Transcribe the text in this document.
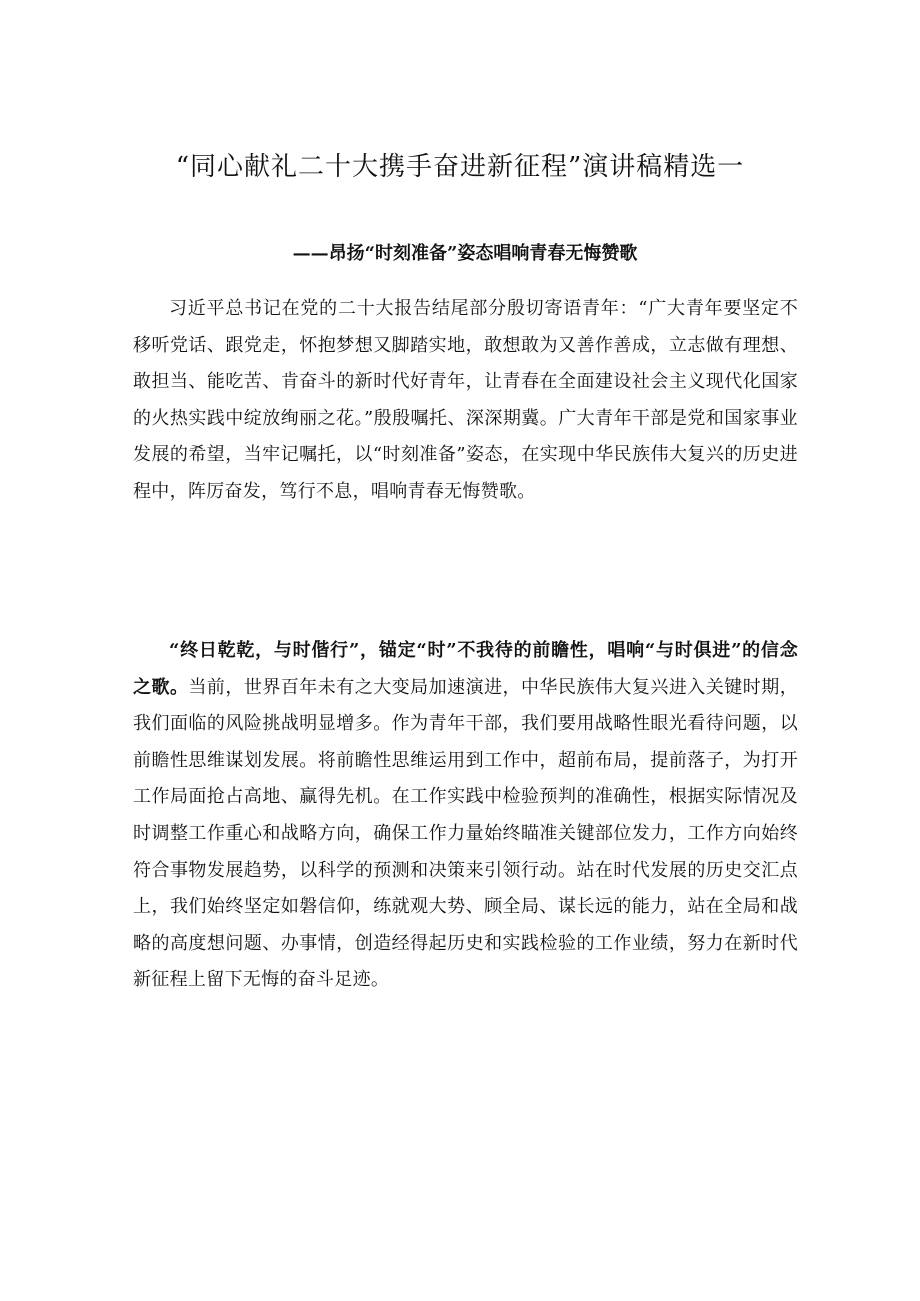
“同心献礼二十大携手奋进新征程”演讲稿精选一
——昂扬“时刻准备”姿态唱响青春无悔赞歌

习近平总书记在党的二十大报告结尾部分殷切寄语青年：“广大青年要坚定不移听党话、跟党走，怀抱梦想又脚踏实地，敢想敢为又善作善成，立志做有理想、敢担当、能吃苦、肯奋斗的新时代好青年，让青春在全面建设社会主义现代化国家的火热实践中绽放绚丽之花。”殷殷嘱托、深深期冀。广大青年干部是党和国家事业发展的希望，当牢记嘱托，以“时刻准备”姿态，在实现中华民族伟大复兴的历史进程中，阵厉奋发，笃行不息，唱响青春无悔赞歌。

“终日乾乾，与时偕行”，锚定“时”不我待的前瞻性，唱响“与时俱进”的信念之歌。当前，世界百年未有之大变局加速演进，中华民族伟大复兴进入关键时期，我们面临的风险挑战明显增多。作为青年干部，我们要用战略性眼光看待问题，以前瞻性思维谋划发展。将前瞻性思维运用到工作中，超前布局，提前落子，为打开工作局面抢占高地、赢得先机。在工作实践中检验预判的准确性，根据实际情况及时调整工作重心和战略方向，确保工作力量始终瞄准关键部位发力，工作方向始终符合事物发展趋势，以科学的预测和决策来引领行动。站在时代发展的历史交汇点上，我们始终坚定如磐信仰，练就观大势、顾全局、谋长远的能力，站在全局和战略的高度想问题、办事情，创造经得起历史和实践检验的工作业绩，努力在新时代新征程上留下无悔的奋斗足迹。
